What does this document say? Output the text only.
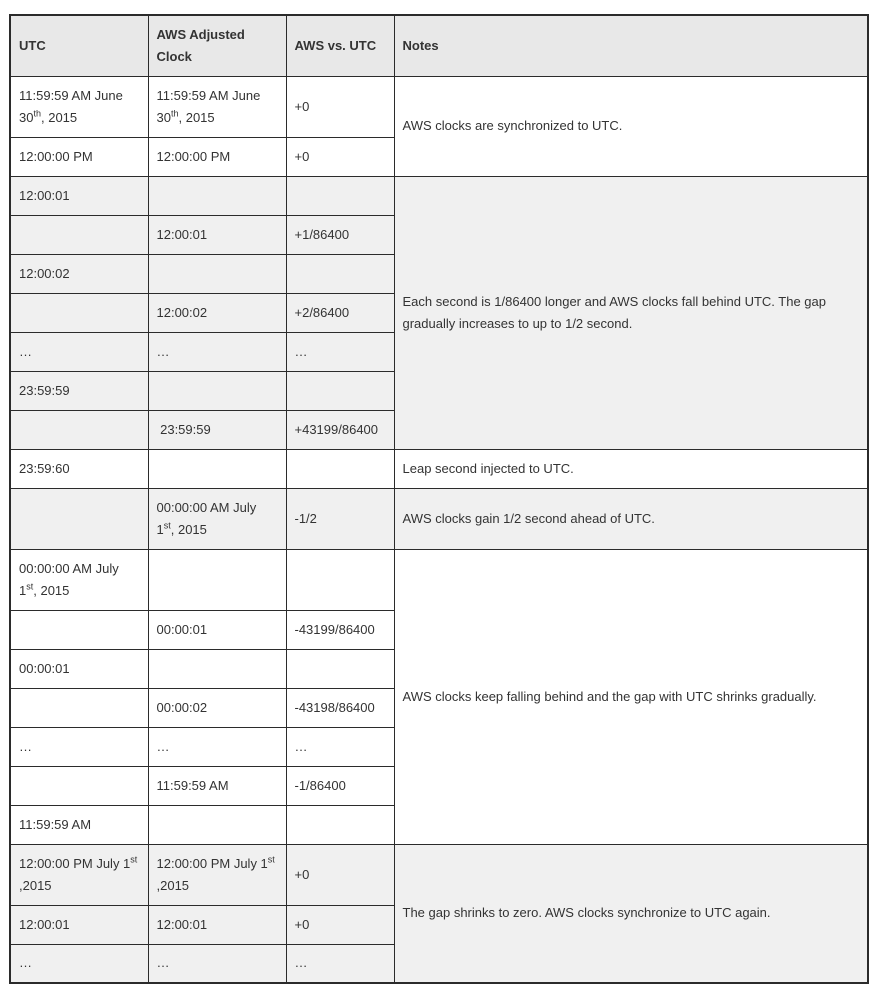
UTC	AWS Adjusted Clock	AWS vs. UTC	Notes
11:59:59 AM June 30th, 2015	11:59:59 AM June 30th, 2015	+0	AWS clocks are synchronized to UTC.
12:00:00 PM	12:00:00 PM	+0	
12:00:01			Each second is 1/86400 longer and AWS clocks fall behind UTC. The gap gradually increases to up to 1/2 second.
	12:00:01	+1/86400	
12:00:02			
	12:00:02	+2/86400	
…	…	…	
23:59:59			
	23:59:59	+43199/86400	
23:59:60			Leap second injected to UTC.
	00:00:00 AM July 1st, 2015	-1/2	AWS clocks gain 1/2 second ahead of UTC.
00:00:00 AM July 1st, 2015			AWS clocks keep falling behind and the gap with UTC shrinks gradually.
	00:00:01	-43199/86400	
00:00:01			
	00:00:02	-43198/86400	
…	…	…	
	11:59:59 AM	-1/86400	
11:59:59 AM			
12:00:00 PM July 1st ,2015	12:00:00 PM July 1st ,2015	+0	The gap shrinks to zero. AWS clocks synchronize to UTC again.
12:00:01	12:00:01	+0	
…	…	…	
